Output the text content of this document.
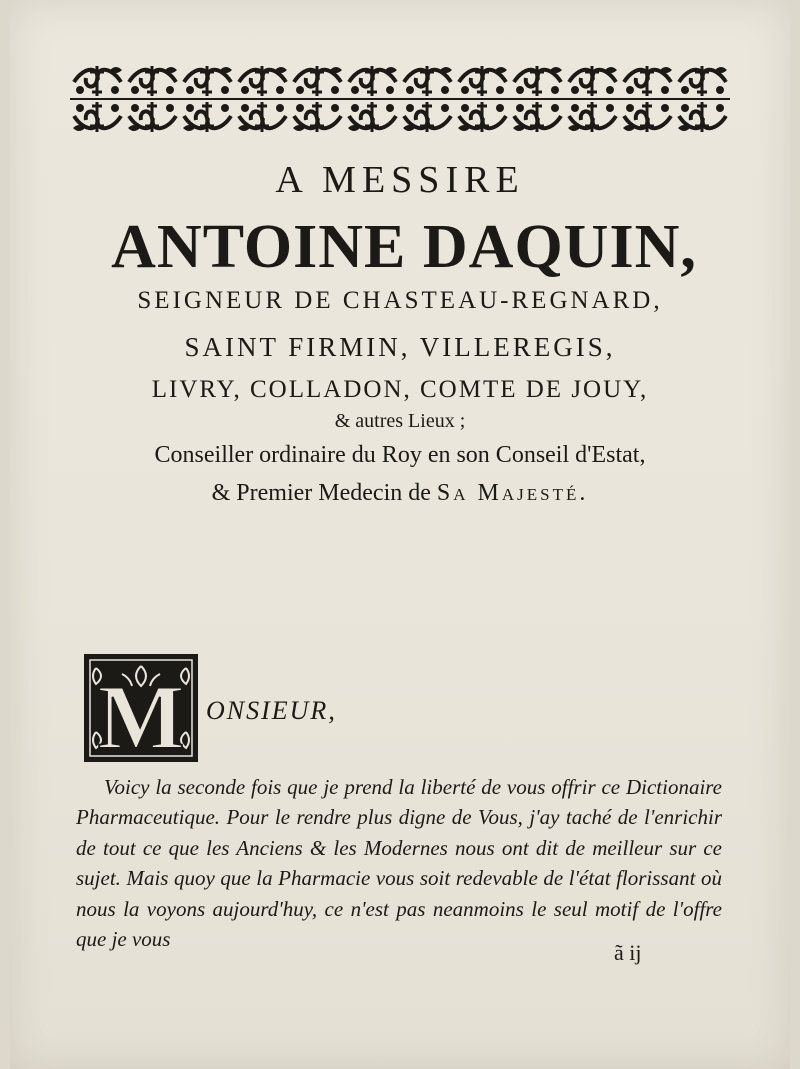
M ONSIEUR,
Voicy la seconde fois que je prend la liberté de vous offrir ce Dictionaire Pharmaceutique. Pour le rendre plus digne de Vous, j'ay taché de l'enrichir de tout ce que les Anciens & les Modernes nous ont dit de meilleur sur ce sujet. Mais quoy que la Pharmacie vous soit redevable de l'état florissant où nous la voyons aujourd'huy, ce n'est pas neanmoins le seul motif de l'offre que je vous
ã ij
A MESSIRE
ANTOINE DAQUIN,
SEIGNEUR DE CHASTEAU-REGNARD,
SAINT FIRMIN, VILLEREGIS,
LIVRY, COLLADON, COMTE DE JOUY,
& autres Lieux ;
Conseiller ordinaire du Roy en son Conseil d'Estat,
& Premier Medecin de Sa Majesté.
